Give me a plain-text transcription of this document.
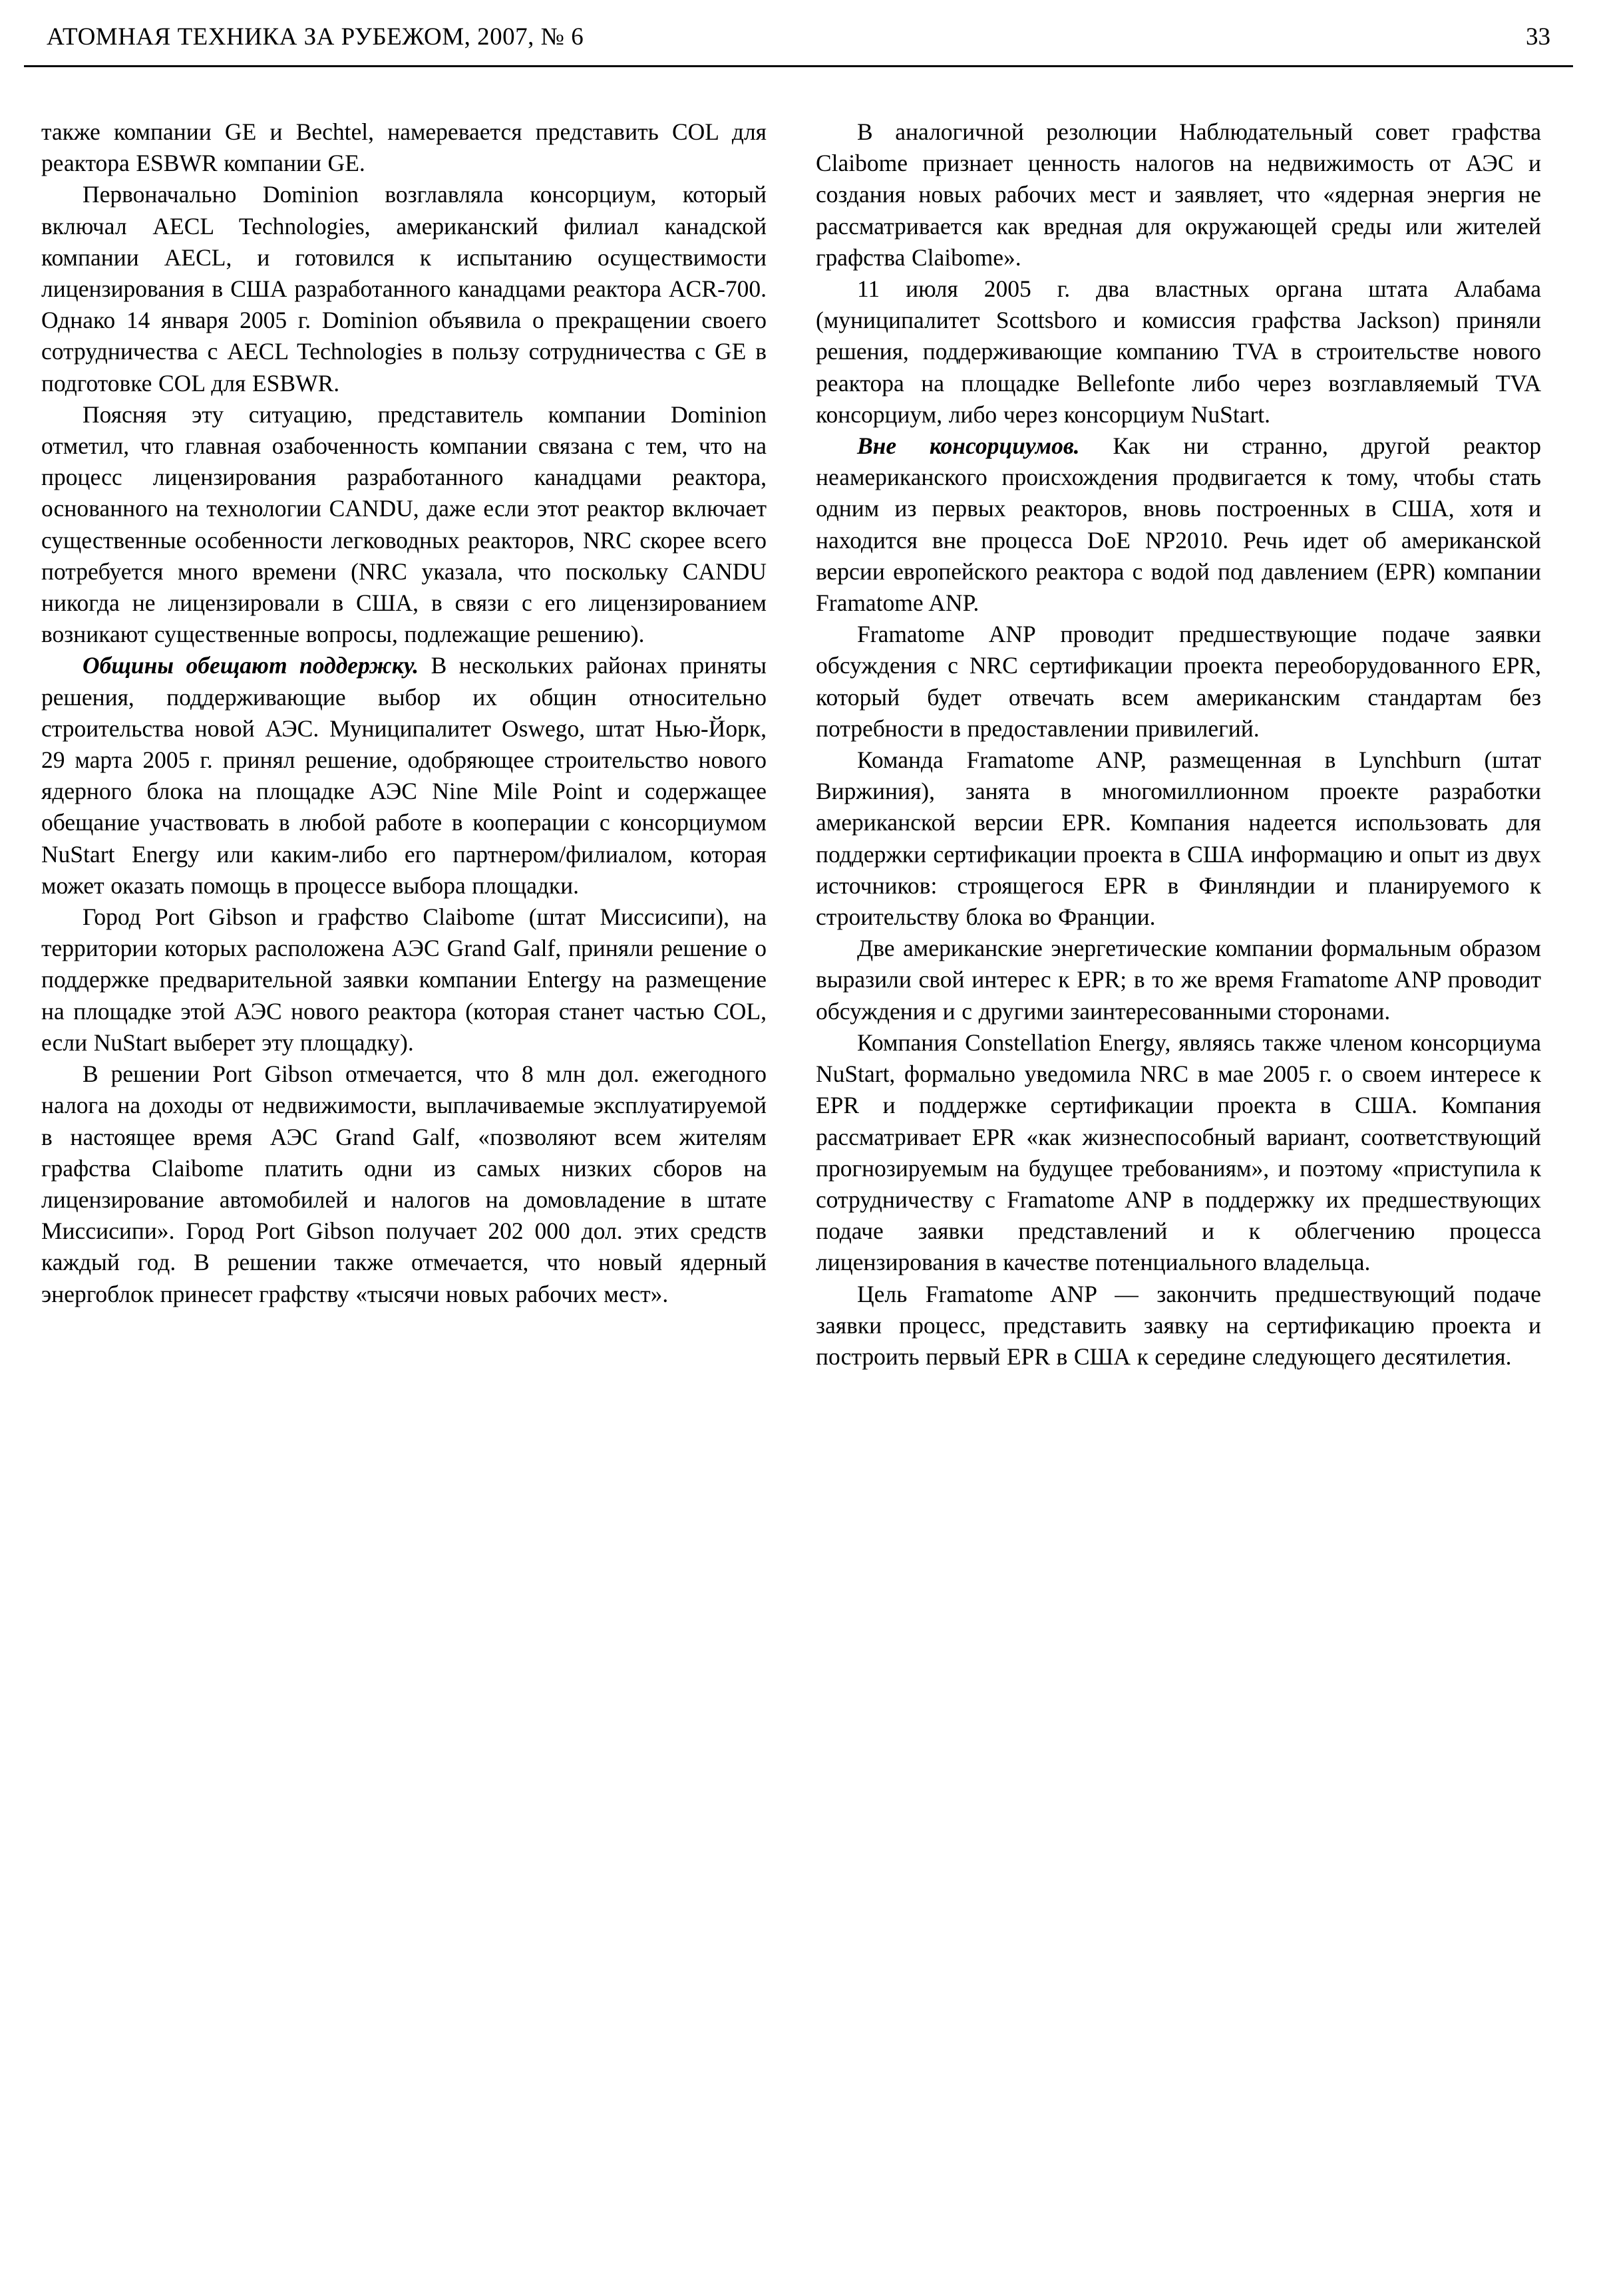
АТОМНАЯ ТЕХНИКА ЗА РУБЕЖОМ, 2007, № 6	33

также компании GE и Bechtel, намеревается представить COL для реактора ESBWR компании GE.

Первоначально Dominion возглавляла консорциум, который включал AECL Technologies, американский филиал канадской компании AECL, и готовился к испытанию осуществимости лицензирования в США разработанного канадцами реактора ACR-700. Однако 14 января 2005 г. Dominion объявила о прекращении своего сотрудничества с AECL Technologies в пользу сотрудничества с GE в подготовке COL для ESBWR.

Поясняя эту ситуацию, представитель компании Dominion отметил, что главная озабоченность компании связана с тем, что на процесс лицензирования разработанного канадцами реактора, основанного на технологии CANDU, даже если этот реактор включает существенные особенности легководных реакторов, NRC скорее всего потребуется много времени (NRC указала, что поскольку CANDU никогда не лицензировали в США, в связи с его лицензированием возникают существенные вопросы, подлежащие решению).

Общины обещают поддержку. В нескольких районах приняты решения, поддерживающие выбор их общин относительно строительства новой АЭС. Муниципалитет Oswego, штат Нью-Йорк, 29 марта 2005 г. принял решение, одобряющее строительство нового ядерного блока на площадке АЭС Nine Mile Point и содержащее обещание участвовать в любой работе в кооперации с консорциумом NuStart Energy или каким-либо его партнером/филиалом, которая может оказать помощь в процессе выбора площадки.

Город Port Gibson и графство Claibome (штат Миссисипи), на территории которых расположена АЭС Grand Galf, приняли решение о поддержке предварительной заявки компании Entergy на размещение на площадке этой АЭС нового реактора (которая станет частью COL, если NuStart выберет эту площадку).

В решении Port Gibson отмечается, что 8 млн дол. ежегодного налога на доходы от недвижимости, выплачиваемые эксплуатируемой в настоящее время АЭС Grand Galf, «позволяют всем жителям графства Claibome платить одни из самых низких сборов на лицензирование автомобилей и налогов на домовладение в штате Миссисипи». Город Port Gibson получает 202 000 дол. этих средств каждый год. В решении также отмечается, что новый ядерный энергоблок принесет графству «тысячи новых рабочих мест».

В аналогичной резолюции Наблюдательный совет графства Claibome признает ценность налогов на недвижимость от АЭС и создания новых рабочих мест и заявляет, что «ядерная энергия не рассматривается как вредная для окружающей среды или жителей графства Claibome».

11 июля 2005 г. два властных органа штата Алабама (муниципалитет Scottsboro и комиссия графства Jackson) приняли решения, поддерживающие компанию TVA в строительстве нового реактора на площадке Bellefonte либо через возглавляемый TVA консорциум, либо через консорциум NuStart.

Вне консорциумов. Как ни странно, другой реактор неамериканского происхождения продвигается к тому, чтобы стать одним из первых реакторов, вновь построенных в США, хотя и находится вне процесса DoE NP2010. Речь идет об американской версии европейского реактора с водой под давлением (EPR) компании Framatome ANP.

Framatome ANP проводит предшествующие подаче заявки обсуждения с NRC сертификации проекта переоборудованного EPR, который будет отвечать всем американским стандартам без потребности в предоставлении привилегий.

Команда Framatome ANP, размещенная в Lynchburn (штат Виржиния), занята в многомиллионном проекте разработки американской версии EPR. Компания надеется использовать для поддержки сертификации проекта в США информацию и опыт из двух источников: строящегося EPR в Финляндии и планируемого к строительству блока во Франции.

Две американские энергетические компании формальным образом выразили свой интерес к EPR; в то же время Framatome ANP проводит обсуждения и с другими заинтересованными сторонами.

Компания Constellation Energy, являясь также членом консорциума NuStart, формально уведомила NRC в мае 2005 г. о своем интересе к EPR и поддержке сертификации проекта в США. Компания рассматривает EPR «как жизнеспособный вариант, соответствующий прогнозируемым на будущее требованиям», и поэтому «приступила к сотрудничеству с Framatome ANP в поддержку их предшествующих подаче заявки представлений и к облегчению процесса лицензирования в качестве потенциального владельца.

Цель Framatome ANP — закончить предшествующий подаче заявки процесс, представить заявку на сертификацию проекта и построить первый EPR в США к середине следующего десятилетия.
